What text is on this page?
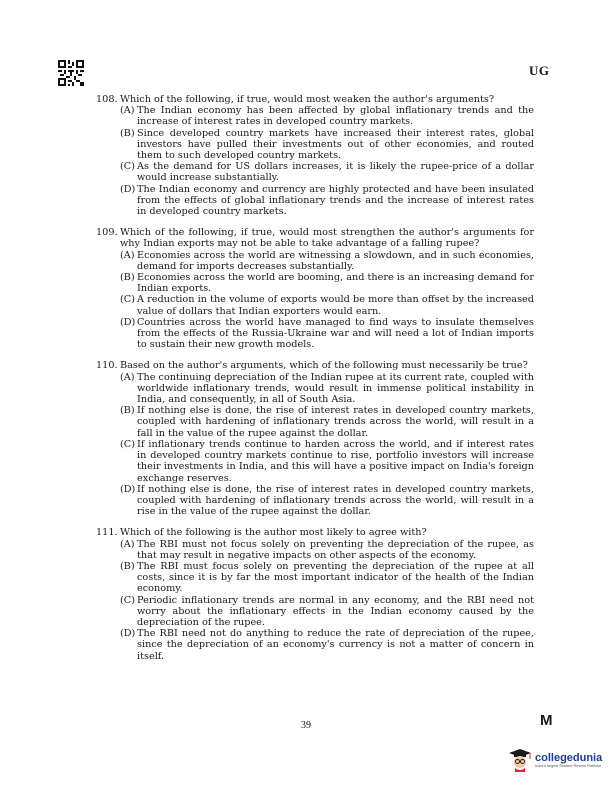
UG
108. Which of the following, if true, would most weaken the author's arguments?
(A) The Indian economy has been affected by global inflationary trends and the increase of interest rates in developed country markets.
(B) Since developed country markets have increased their interest rates, global investors have pulled their investments out of other economies, and routed them to such developed country markets.
(C) As the demand for US dollars increases, it is likely the rupee-price of a dollar would increase substantially.
(D) The Indian economy and currency are highly protected and have been insulated from the effects of global inflationary trends and the increase of interest rates in developed country markets.
109. Which of the following, if true, would most strengthen the author's arguments for why Indian exports may not be able to take advantage of a falling rupee?
(A) Economies across the world are witnessing a slowdown, and in such economies, demand for imports decreases substantially.
(B) Economies across the world are booming, and there is an increasing demand for Indian exports.
(C) A reduction in the volume of exports would be more than offset by the increased value of dollars that Indian exporters would earn.
(D) Countries across the world have managed to find ways to insulate themselves from the effects of the Russia-Ukraine war and will need a lot of Indian imports to sustain their new growth models.
110. Based on the author's arguments, which of the following must necessarily be true?
(A) The continuing depreciation of the Indian rupee at its current rate, coupled with worldwide inflationary trends, would result in immense political instability in India, and consequently, in all of South Asia.
(B) If nothing else is done, the rise of interest rates in developed country markets, coupled with hardening of inflationary trends across the world, will result in a fall in the value of the rupee against the dollar.
(C) If inflationary trends continue to harden across the world, and if interest rates in developed country markets continue to rise, portfolio investors will increase their investments in India, and this will have a positive impact on India's foreign exchange reserves.
(D) If nothing else is done, the rise of interest rates in developed country markets, coupled with hardening of inflationary trends across the world, will result in a rise in the value of the rupee against the dollar.
111. Which of the following is the author most likely to agree with?
(A) The RBI must not focus solely on preventing the depreciation of the rupee, as that may result in negative impacts on other aspects of the economy.
(B) The RBI must focus solely on preventing the depreciation of the rupee at all costs, since it is by far the most important indicator of the health of the Indian economy.
(C) Periodic inflationary trends are normal in any economy, and the RBI need not worry about the inflationary effects in the Indian economy caused by the depreciation of the rupee.
(D) The RBI need not do anything to reduce the rate of depreciation of the rupee, since the depreciation of an economy's currency is not a matter of concern in itself.
39	M
collegedunia
India's largest Student Review Platform
